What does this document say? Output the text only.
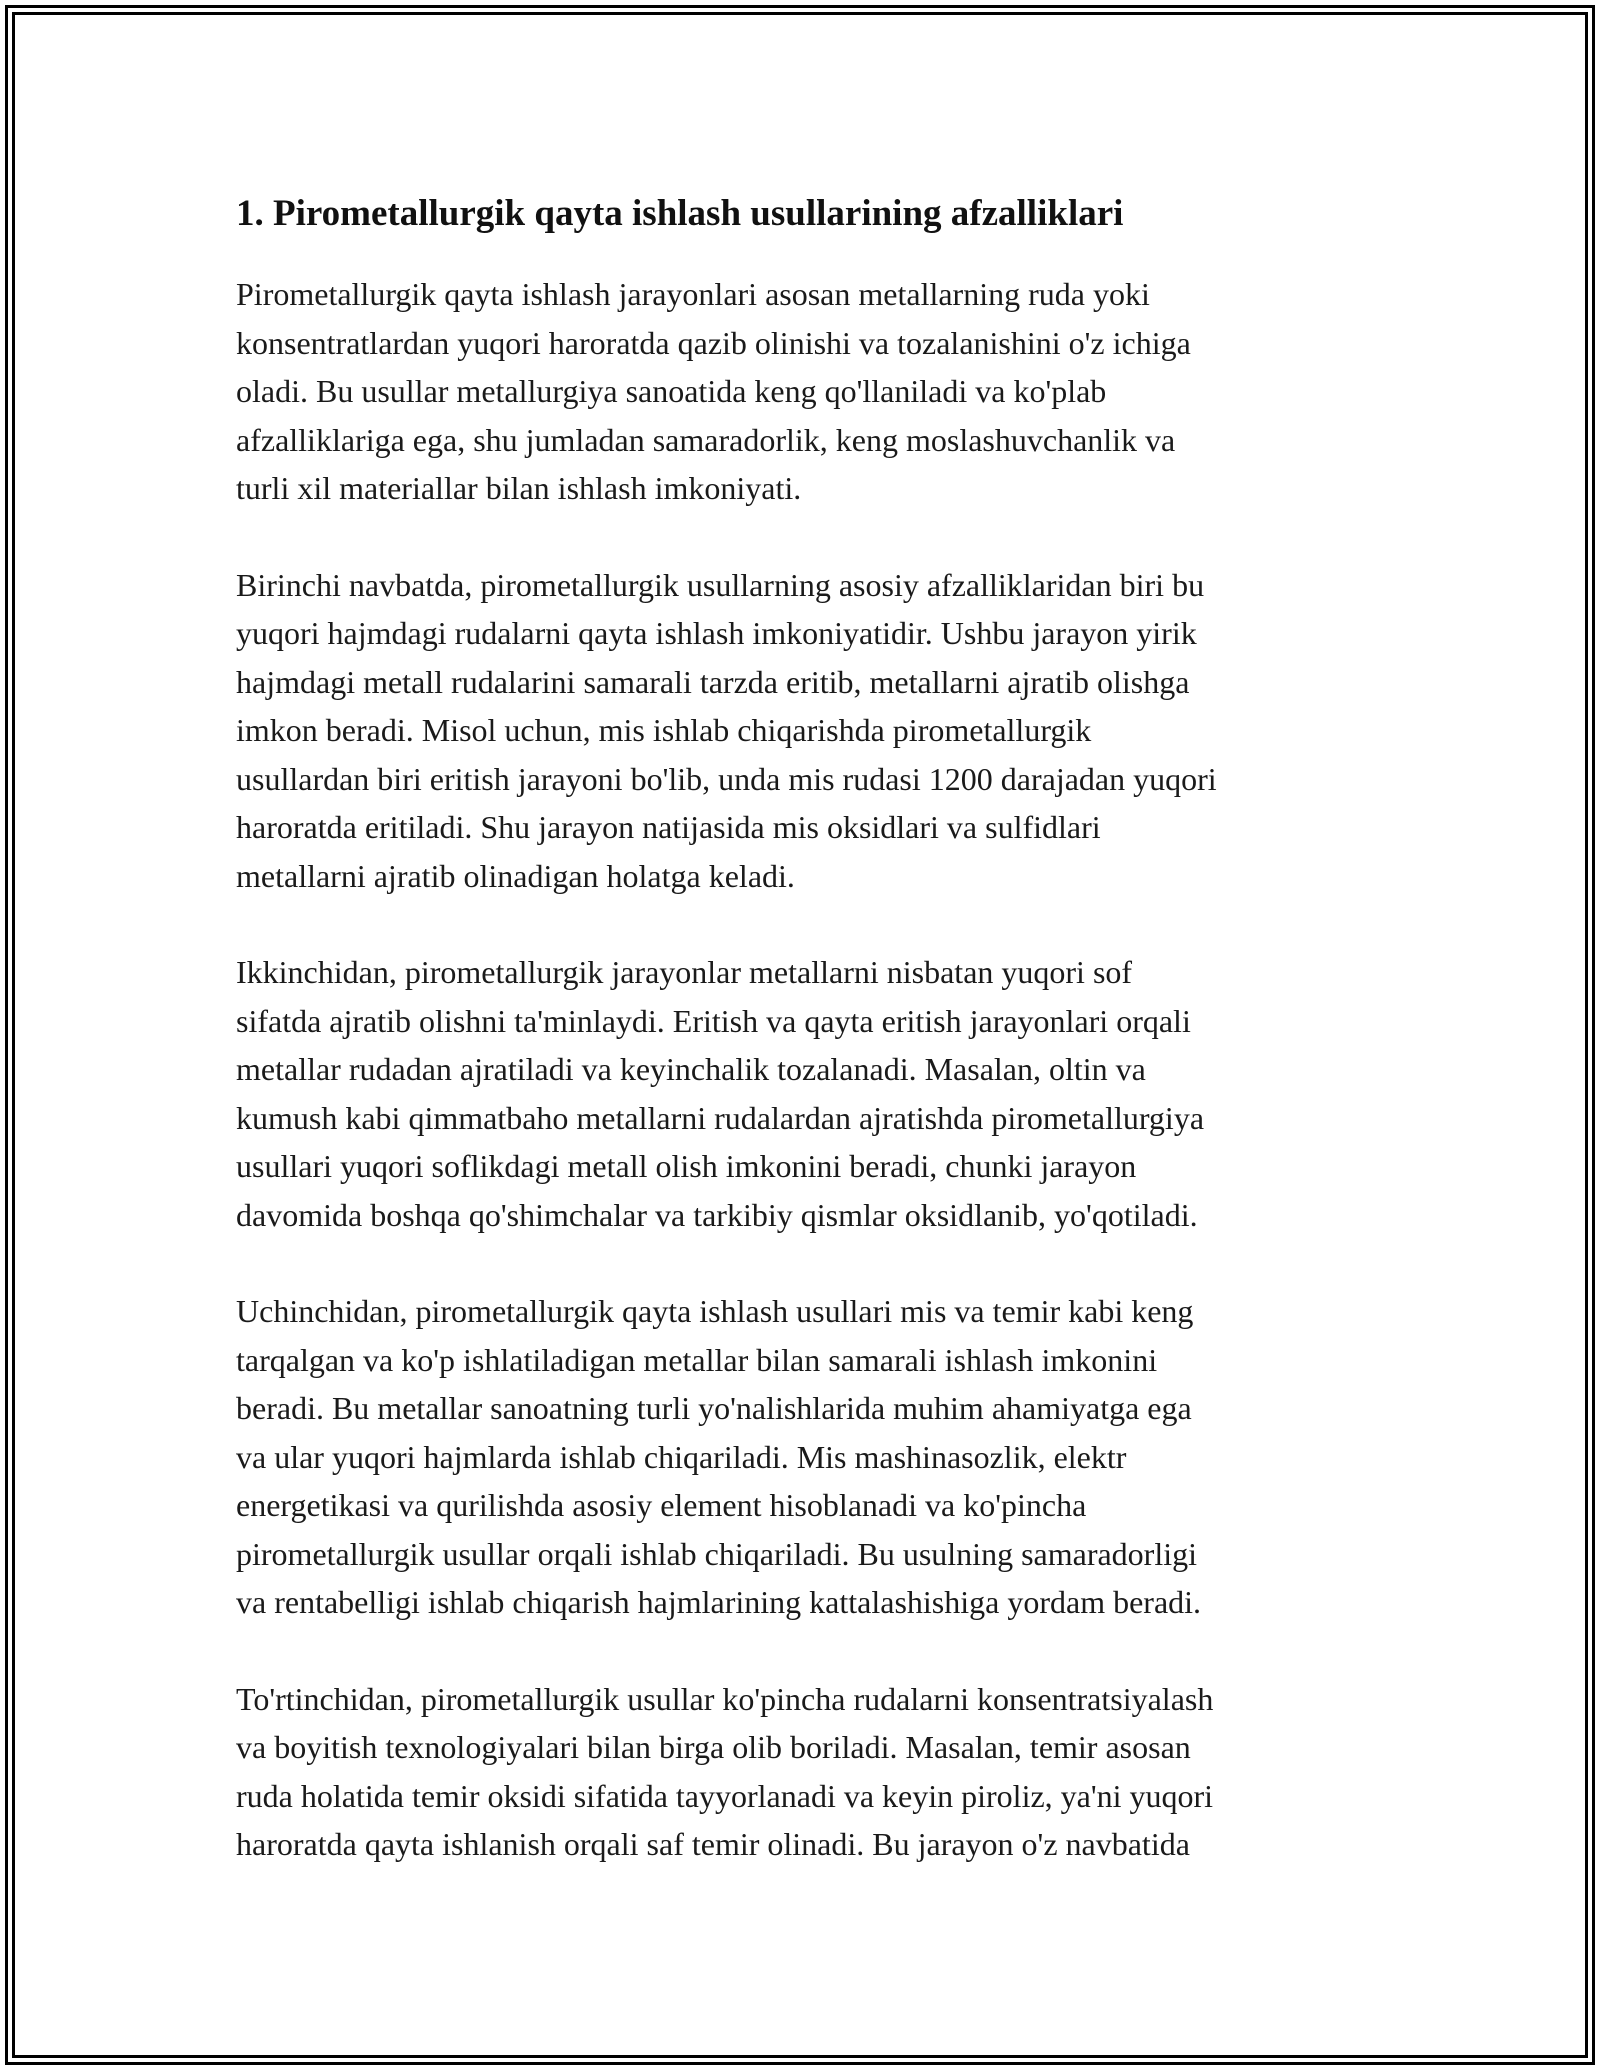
1. Pirometallurgik qayta ishlash usullarining afzalliklari

Pirometallurgik qayta ishlash jarayonlari asosan metallarning ruda yoki
konsentratlardan yuqori haroratda qazib olinishi va tozalanishini o'z ichiga
oladi. Bu usullar metallurgiya sanoatida keng qo'llaniladi va ko'plab
afzalliklariga ega, shu jumladan samaradorlik, keng moslashuvchanlik va
turli xil materiallar bilan ishlash imkoniyati.

Birinchi navbatda, pirometallurgik usullarning asosiy afzalliklaridan biri bu
yuqori hajmdagi rudalarni qayta ishlash imkoniyatidir. Ushbu jarayon yirik
hajmdagi metall rudalarini samarali tarzda eritib, metallarni ajratib olishga
imkon beradi. Misol uchun, mis ishlab chiqarishda pirometallurgik
usullardan biri eritish jarayoni bo'lib, unda mis rudasi 1200 darajadan yuqori
haroratda eritiladi. Shu jarayon natijasida mis oksidlari va sulfidlari
metallarni ajratib olinadigan holatga keladi.

Ikkinchidan, pirometallurgik jarayonlar metallarni nisbatan yuqori sof
sifatda ajratib olishni ta'minlaydi. Eritish va qayta eritish jarayonlari orqali
metallar rudadan ajratiladi va keyinchalik tozalanadi. Masalan, oltin va
kumush kabi qimmatbaho metallarni rudalardan ajratishda pirometallurgiya
usullari yuqori soflikdagi metall olish imkonini beradi, chunki jarayon
davomida boshqa qo'shimchalar va tarkibiy qismlar oksidlanib, yo'qotiladi.

Uchinchidan, pirometallurgik qayta ishlash usullari mis va temir kabi keng
tarqalgan va ko'p ishlatiladigan metallar bilan samarali ishlash imkonini
beradi. Bu metallar sanoatning turli yo'nalishlarida muhim ahamiyatga ega
va ular yuqori hajmlarda ishlab chiqariladi. Mis mashinasozlik, elektr
energetikasi va qurilishda asosiy element hisoblanadi va ko'pincha
pirometallurgik usullar orqali ishlab chiqariladi. Bu usulning samaradorligi
va rentabelligi ishlab chiqarish hajmlarining kattalashishiga yordam beradi.

To'rtinchidan, pirometallurgik usullar ko'pincha rudalarni konsentratsiyalash
va boyitish texnologiyalari bilan birga olib boriladi. Masalan, temir asosan
ruda holatida temir oksidi sifatida tayyorlanadi va keyin piroliz, ya'ni yuqori
haroratda qayta ishlanish orqali saf temir olinadi. Bu jarayon o'z navbatida
